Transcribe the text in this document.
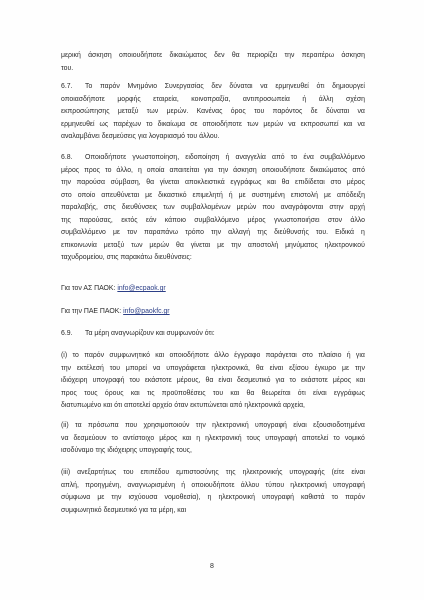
μερική άσκηση οποιουδήποτε δικαιώματος δεν θα περιορίζει την περαιτέρω άσκηση
του.
6.7.	Το παρόν Μνημόνιο Συνεργασίας δεν δύναται να ερμηνευθεί ότι δημιουργεί
οποιασδήποτε μορφής εταιρεία, κοινοπραξία, αντιπροσωπεία ή άλλη σχέση
εκπροσώπησης μεταξύ των μερών. Κανένας όρος του παρόντος δε δύναται να
ερμηνευθεί ως παρέχων το δικαίωμα σε οποιοδήποτε των μερών να εκπροσωπεί και να
αναλαμβάνει δεσμεύσεις για λογαριασμό του άλλου.
6.8.	Οποιαδήποτε γνωστοποίηση, ειδοποίηση ή αναγγελία από το ένα συμβαλλόμενο
μέρος προς το άλλο, η οποία απαιτείται για την άσκηση οποιουδήποτε δικαιώματος από
την παρούσα σύμβαση, θα γίνεται αποκλειστικά εγγράφως και θα επιδίδεται στο μέρος
στο οποίο απευθύνεται με δικαστικό επιμελητή ή με συστημένη επιστολή με απόδειξη
παραλαβής, στις διευθύνσεις των συμβαλλομένων μερών που αναγράφονται στην αρχή
της παρούσας, εκτός εάν κάποιο συμβαλλόμενο μέρος γνωστοποιήσει στον άλλο
συμβαλλόμενο με τον παραπάνω τρόπο την αλλαγή της διεύθυνσής του. Ειδικά η
επικοινωνία μεταξύ των μερών θα γίνεται με την αποστολή μηνύματος ηλεκτρονικού
ταχυδρομείου, στις παρακάτω διευθύνσεις:
Για τον ΑΣ ΠΑΟΚ: info@ecpaok.gr
Για την ΠΑΕ ΠΑΟΚ: info@paokfc.gr
6.9. Τα μέρη αναγνωρίζουν και συμφωνούν ότι:
(i) το παρόν συμφωνητικό και οποιοδήποτε άλλο έγγραφο παράγεται στο πλαίσιο ή για
την εκτέλεσή του μπορεί να υπογράφεται ηλεκτρονικά, θα είναι εξίσου έγκυρο με την
ιδιόχειρη υπογραφή του εκάστοτε μέρους, θα είναι δεσμευτικό για το εκάστοτε μέρος και
προς τους όρους και τις προϋποθέσεις του και θα θεωρείται ότι είναι εγγράφως
διατυπωμένο και ότι αποτελεί αρχείο όταν εκτυπώνεται από ηλεκτρονικά αρχεία,
(ii) τα πρόσωπα που χρησιμοποιούν την ηλεκτρονική υπογραφή είναι εξουσιοδοτημένα
να δεσμεύουν το αντίστοιχο μέρος και η ηλεκτρονική τους υπογραφή αποτελεί το νομικό
ισοδύναμο της ιδιόχειρης υπογραφής τους,
(iii) ανεξαρτήτως του επιπέδου εμπιστοσύνης της ηλεκτρονικής υπογραφής (είτε είναι
απλή, προηγμένη, αναγνωρισμένη ή οποιουδήποτε άλλου τύπου ηλεκτρονική υπογραφή
σύμφωνα με την ισχύουσα νομοθεσία), η ηλεκτρονική υπογραφή καθιστά το παρόν
συμφωνητικό δεσμευτικό για τα μέρη, και
8
